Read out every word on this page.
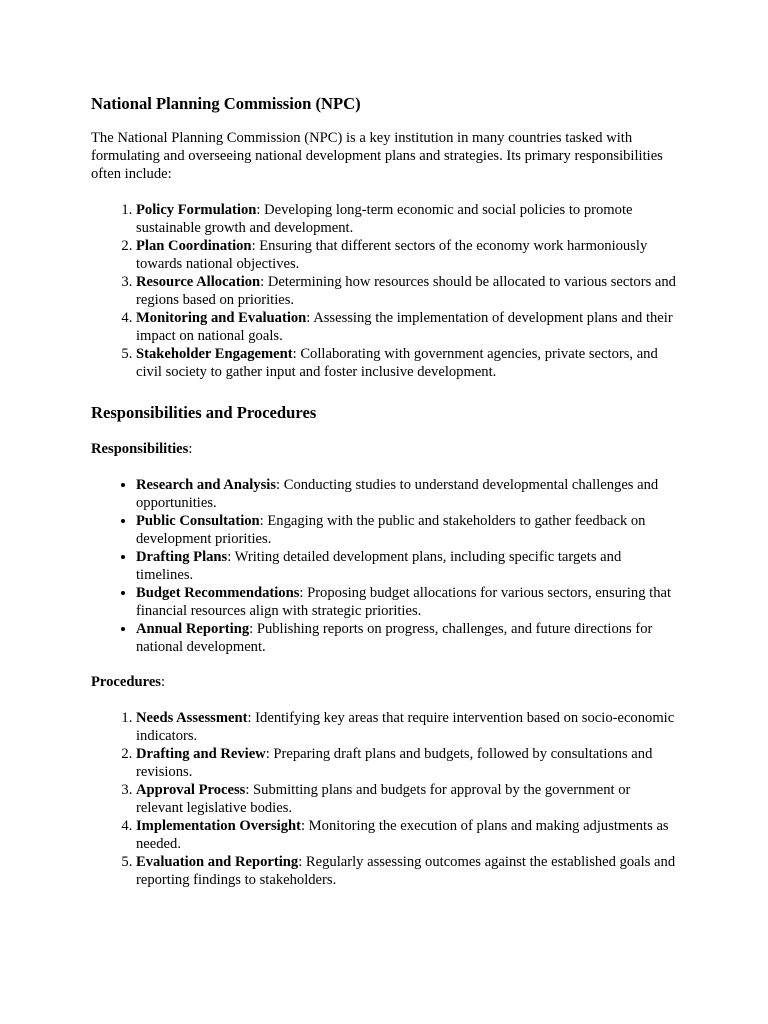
National Planning Commission (NPC)

The National Planning Commission (NPC) is a key institution in many countries tasked with formulating and overseeing national development plans and strategies. Its primary responsibilities often include:

1. Policy Formulation: Developing long-term economic and social policies to promote sustainable growth and development.
2. Plan Coordination: Ensuring that different sectors of the economy work harmoniously towards national objectives.
3. Resource Allocation: Determining how resources should be allocated to various sectors and regions based on priorities.
4. Monitoring and Evaluation: Assessing the implementation of development plans and their impact on national goals.
5. Stakeholder Engagement: Collaborating with government agencies, private sectors, and civil society to gather input and foster inclusive development.
Responsibilities and Procedures

Responsibilities:

• Research and Analysis: Conducting studies to understand developmental challenges and opportunities.
• Public Consultation: Engaging with the public and stakeholders to gather feedback on development priorities.
• Drafting Plans: Writing detailed development plans, including specific targets and timelines.
• Budget Recommendations: Proposing budget allocations for various sectors, ensuring that financial resources align with strategic priorities.
• Annual Reporting: Publishing reports on progress, challenges, and future directions for national development.

Procedures:

1. Needs Assessment: Identifying key areas that require intervention based on socio-economic indicators.
2. Drafting and Review: Preparing draft plans and budgets, followed by consultations and revisions.
3. Approval Process: Submitting plans and budgets for approval by the government or relevant legislative bodies.
4. Implementation Oversight: Monitoring the execution of plans and making adjustments as needed.
5. Evaluation and Reporting: Regularly assessing outcomes against the established goals and reporting findings to stakeholders.
